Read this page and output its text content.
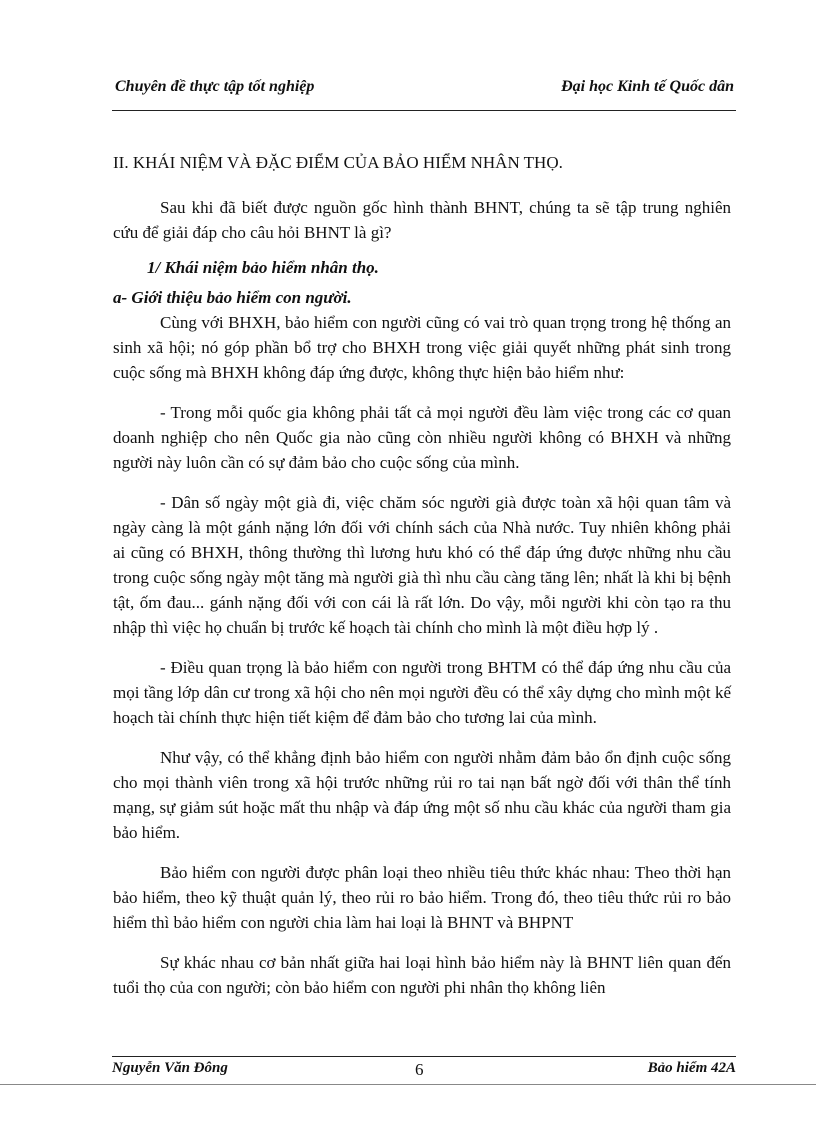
Chuyên đề thực tập tốt nghiệp	Đại học Kinh tế Quốc dân

II. KHÁI NIỆM VÀ ĐẶC ĐIỂM CỦA BẢO HIỂM NHÂN THỌ.

Sau khi đã biết được nguồn gốc hình thành BHNT, chúng ta sẽ tập trung nghiên cứu để giải đáp cho câu hỏi BHNT là gì?

1/ Khái niệm bảo hiểm nhân thọ.

a- Giới thiệu bảo hiểm con người.

Cùng với BHXH, bảo hiểm con người cũng có vai trò quan trọng trong hệ thống an sinh xã hội; nó góp phần bổ trợ cho BHXH trong việc giải quyết những phát sinh trong cuộc sống mà BHXH không đáp ứng được, không thực hiện bảo hiểm như:

- Trong mỗi quốc gia không phải tất cả mọi người đều làm việc trong các cơ quan doanh nghiệp cho nên Quốc gia nào cũng còn nhiều người không có BHXH và những người này luôn cần có sự đảm bảo cho cuộc sống của mình.

- Dân số ngày một già đi, việc chăm sóc người già được toàn xã hội quan tâm và ngày càng là một gánh nặng lớn đối với chính sách của Nhà nước. Tuy nhiên không phải ai cũng có BHXH, thông thường thì lương hưu khó có thể đáp ứng được những nhu cầu trong cuộc sống ngày một tăng mà người già thì nhu cầu càng tăng lên; nhất là khi bị bệnh tật, ốm đau... gánh nặng đối với con cái là rất lớn. Do vậy, mỗi người khi còn tạo ra thu nhập thì việc họ chuẩn bị trước kế hoạch tài chính cho mình là một điều hợp lý .

- Điều quan trọng là bảo hiểm con người trong BHTM có thể đáp ứng nhu cầu của mọi tầng lớp dân cư trong xã hội cho nên mọi người đều có thể xây dựng cho mình một kế hoạch tài chính thực hiện tiết kiệm để đảm bảo cho tương lai của mình.

Như vậy, có thể khẳng định bảo hiểm con người nhằm đảm bảo ổn định cuộc sống cho mọi thành viên trong xã hội trước những rủi ro tai nạn bất ngờ đối với thân thể tính mạng, sự giảm sút hoặc mất thu nhập và đáp ứng một số nhu cầu khác của người tham gia bảo hiểm.

Bảo hiểm con người được phân loại theo nhiều tiêu thức khác nhau: Theo thời hạn bảo hiểm, theo kỹ thuật quản lý, theo rủi ro bảo hiểm. Trong đó, theo tiêu thức rủi ro bảo hiểm thì bảo hiểm con người chia làm hai loại là BHNT và BHPNT

Sự khác nhau cơ bản nhất giữa hai loại hình bảo hiểm này là BHNT liên quan đến tuổi thọ của con người; còn bảo hiểm con người phi nhân thọ không liên

Nguyễn Văn Đông	6	Bảo hiểm 42A
